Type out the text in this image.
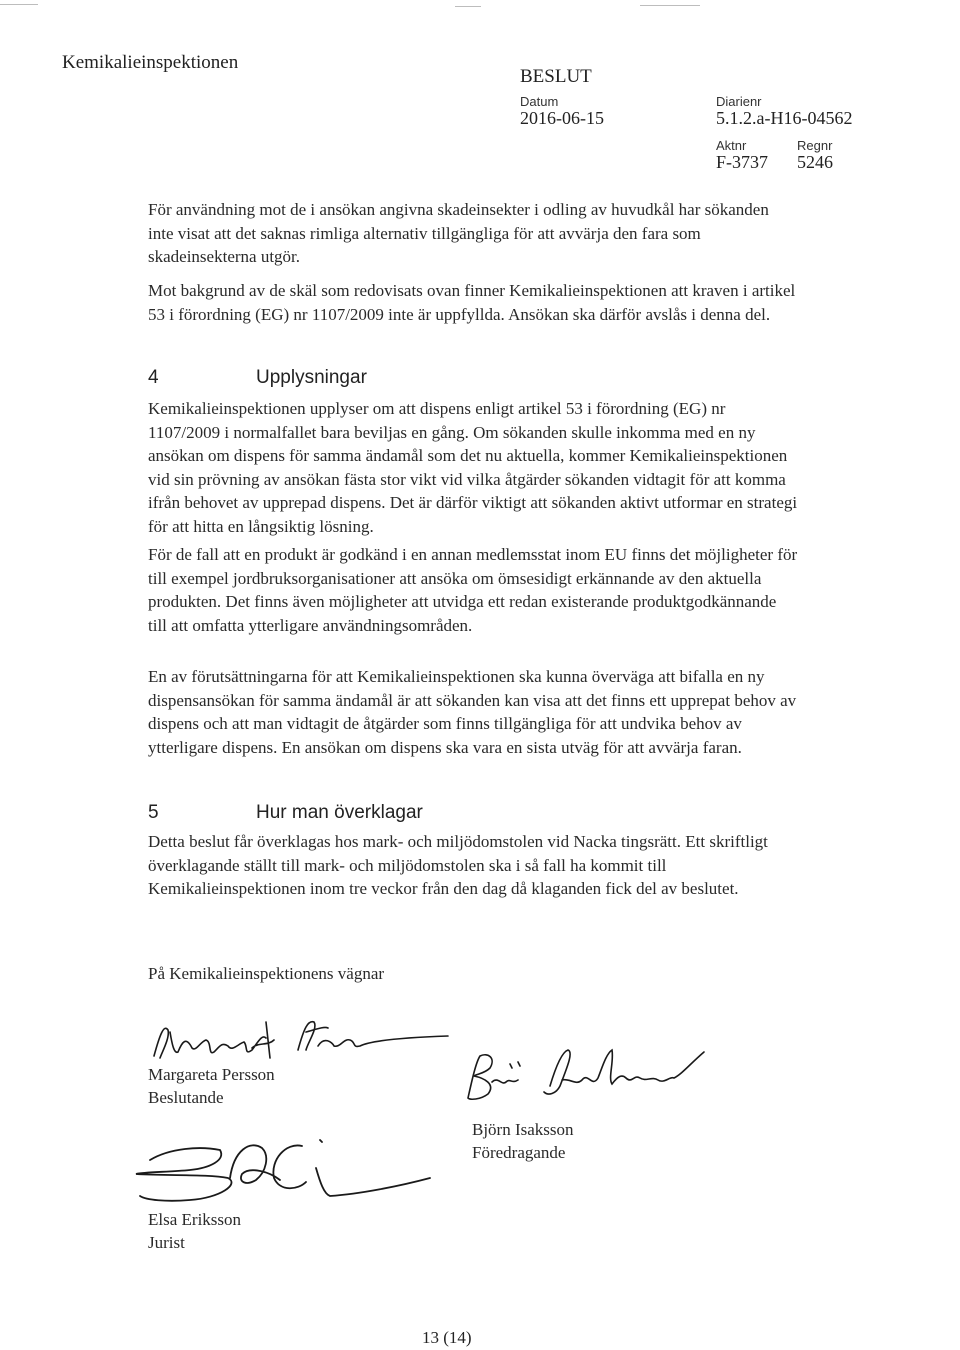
Kemikalieinspektionen
BESLUT
Datum
2016-06-15
Diarienr
5.1.2.a-H16-04562
Aktnr
F-3737
Regnr
5246

För användning mot de i ansökan angivna skadeinsekter i odling av huvudkål har sökanden inte visat att det saknas rimliga alternativ tillgängliga för att avvärja den fara som skadeinsekterna utgör.

Mot bakgrund av de skäl som redovisats ovan finner Kemikalieinspektionen att kraven i artikel 53 i förordning (EG) nr 1107/2009 inte är uppfyllda. Ansökan ska därför avslås i denna del.

4	Upplysningar

Kemikalieinspektionen upplyser om att dispens enligt artikel 53 i förordning (EG) nr 1107/2009 i normalfallet bara beviljas en gång. Om sökanden skulle inkomma med en ny ansökan om dispens för samma ändamål som det nu aktuella, kommer Kemikalieinspektionen vid sin prövning av ansökan fästa stor vikt vid vilka åtgärder sökanden vidtagit för att komma ifrån behovet av upprepad dispens. Det är därför viktigt att sökanden aktivt utformar en strategi för att hitta en långsiktig lösning.

För de fall att en produkt är godkänd i en annan medlemsstat inom EU finns det möjligheter för till exempel jordbruksorganisationer att ansöka om ömsesidigt erkännande av den aktuella produkten. Det finns även möjligheter att utvidga ett redan existerande produktgodkännande till att omfatta ytterligare användningsområden.

En av förutsättningarna för att Kemikalieinspektionen ska kunna överväga att bifalla en ny dispensansökan för samma ändamål är att sökanden kan visa att det finns ett upprepat behov av dispens och att man vidtagit de åtgärder som finns tillgängliga för att undvika behov av ytterligare dispens. En ansökan om dispens ska vara en sista utväg för att avvärja faran.

5	Hur man överklagar

Detta beslut får överklagas hos mark- och miljödomstolen vid Nacka tingsrätt. Ett skriftligt överklagande ställt till mark- och miljödomstolen ska i så fall ha kommit till Kemikalieinspektionen inom tre veckor från den dag då klaganden fick del av beslutet.

På Kemikalieinspektionens vägnar
Margareta Persson
Beslutande
Björn Isaksson
Föredragande
Elsa Eriksson
Jurist
13 (14)
